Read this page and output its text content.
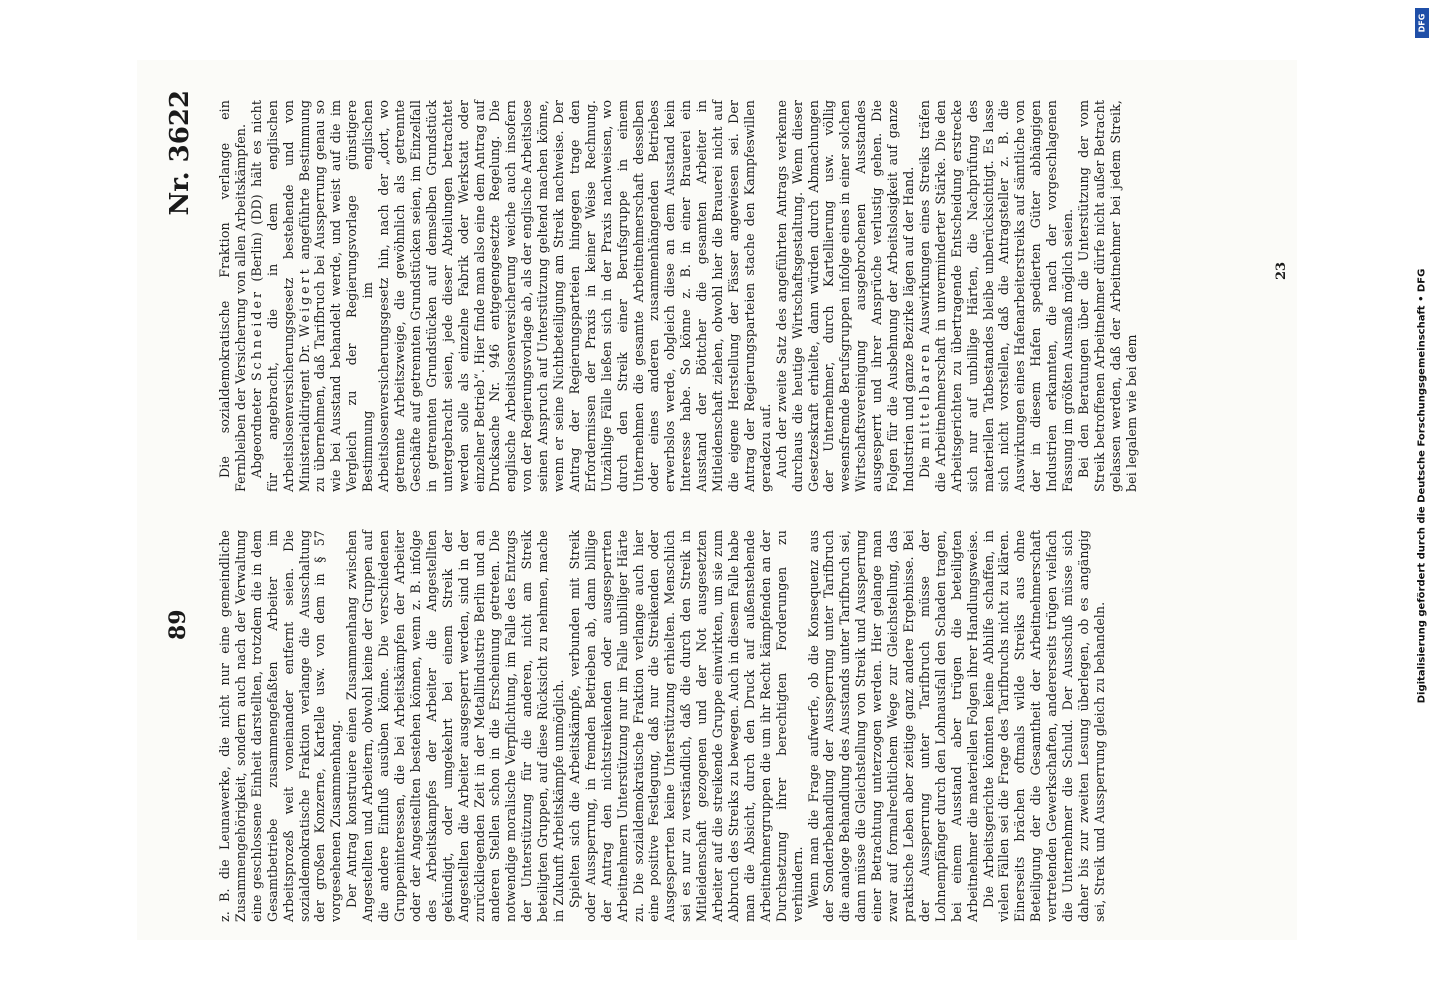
89
Nr. 3622

z. B. die Leunawerke, die nicht nur eine gemeindliche Zusammengehörigkeit, sondern auch nach der Verwaltung eine geschlossene Einheit darstellten, trotzdem die in dem Gesamtbetriebe zusammengefaßten Arbeiter im Arbeitsprozeß weit voneinander entfernt seien. Die sozialdemokratische Fraktion verlange die Ausschaltung der großen Konzerne, Kartelle usw. von dem in § 57 vorgesehenen Zusammenhang. Der Antrag konstruiere einen Zusammenhang zwischen Angestellten und Arbeitern, obwohl keine der Gruppen auf die andere Einfluß ausüben könne. Die verschiedenen Gruppeninteressen, die bei Arbeitskämpfen der Arbeiter oder der Angestellten bestehen können, wenn z. B. infolge des Arbeitskampfes der Arbeiter die Angestellten gekündigt, oder umgekehrt bei einem Streik der Angestellten die Arbeiter ausgesperrt werden, sind in der zurückliegenden Zeit in der Metallindustrie Berlin und an anderen Stellen schon in die Erscheinung getreten. Die notwendige moralische Verpflichtung, im Falle des Entzugs der Unterstützung für die anderen, nicht am Streik beteiligten Gruppen, auf diese Rücksicht zu nehmen, mache in Zukunft Arbeitskämpfe unmöglich. Spielten sich die Arbeitskämpfe, verbunden mit Streik oder Aussperrung, in fremden Betrieben ab, dann billige der Antrag den nichtstreikenden oder ausgesperrten Arbeitnehmern Unterstützung nur im Falle unbilliger Härte zu. Die sozialdemokratische Fraktion verlange auch hier eine positive Festlegung, daß nur die Streikenden oder Ausgesperrten keine Unterstützung erhielten. Menschlich sei es nur zu verständlich, daß die durch den Streik in Mitleidenschaft gezogenen und der Not ausgesetzten Arbeiter auf die streikende Gruppe einwirkten, um sie zum Abbruch des Streiks zu bewegen. Auch in diesem Falle habe man die Absicht, durch den Druck auf außenstehende Arbeitnehmergruppen die um ihr Recht kämpfenden an der Durchsetzung ihrer berechtigten Forderungen zu verhindern. Wenn man die Frage aufwerfe, ob die Konsequenz aus der Sonderbehandlung der Aussperrung unter Tarifbruch die analoge Behandlung des Ausstands unter Tarifbruch sei, dann müsse die Gleichstellung von Streik und Aussperrung einer Betrachtung unterzogen werden. Hier gelange man zwar auf formalrechtlichem Wege zur Gleichstellung, das praktische Leben aber zeitige ganz andere Ergebnisse. Bei der Aussperrung unter Tarifbruch müsse der Lohnempfänger durch den Lohnausfall den Schaden tragen, bei einem Ausstand aber trügen die beteiligten Arbeitnehmer die materiellen Folgen ihrer Handlungsweise. Die Arbeitsgerichte könnten keine Abhilfe schaffen, in vielen Fällen sei die Frage des Tarifbruchs nicht zu klären. Einerseits brächen oftmals wilde Streiks aus ohne Beteiligung der die Gesamtheit der Arbeitnehmerschaft vertretenden Gewerkschaften, andererseits trügen vielfach die Unternehmer die Schuld. Der Ausschuß müsse sich daher bis zur zweiten Lesung überlegen, ob es angängig sei, Streik und Aussperrung gleich zu behandeln.

Die sozialdemokratische Fraktion verlange ein Fernbleiben der Versicherung von allen Arbeitskämpfen. Abgeordneter Schneider (Berlin) (DD) hält es nicht für angebracht, die in dem englischen Arbeitslosenversicherungsgesetz bestehende und von Ministerialdirigent Dr. Weigert angeführte Bestimmung zu übernehmen, daß Tarifbruch bei Aussperrung genau so wie bei Ausstand behandelt werde, und weist auf die im Vergleich zu der Regierungsvorlage günstigere Bestimmung im englischen Arbeitslosenversicherungsgesetz hin, nach der „dort, wo getrennte Arbeitszweige, die gewöhnlich als getrennte Geschäfte auf getrennten Grundstücken seien, im Einzelfall in getrennten Grundstücken auf demselben Grundstück untergebracht seien, jede dieser Abteilungen betrachtet werden solle als einzelne Fabrik oder Werkstatt oder einzelner Betrieb“. Hier finde man also eine dem Antrag auf Drucksache Nr. 946 entgegengesetzte Regelung. Die englische Arbeitslosenversicherung weiche auch insofern von der Regierungsvorlage ab, als der englische Arbeitslose seinen Anspruch auf Unterstützung geltend machen könne, wenn er seine Nichtbeteiligung am Streik nachweise. Der Antrag der Regierungsparteien hingegen trage den Erfordernissen der Praxis in keiner Weise Rechnung. Unzählige Fälle ließen sich in der Praxis nachweisen, wo durch den Streik einer Berufsgruppe in einem Unternehmen die gesamte Arbeitnehmerschaft desselben oder eines anderen zusammenhängenden Betriebes erwerbslos werde, obgleich diese an dem Ausstand kein Interesse habe. So könne z. B. in einer Brauerei ein Ausstand der Böttcher die gesamten Arbeiter in Mitleidenschaft ziehen, obwohl hier die Brauerei nicht auf die eigene Herstellung der Fässer angewiesen sei. Der Antrag der Regierungsparteien stache den Kampfeswillen geradezu auf. Auch der zweite Satz des angeführten Antrags verkenne durchaus die heutige Wirtschaftsgestaltung. Wenn dieser Gesetzeskraft erhielte, dann würden durch Abmachungen der Unternehmer, durch Kartellierung usw. völlig wesensfremde Berufsgruppen infolge eines in einer solchen Wirtschaftsvereinigung ausgebrochenen Ausstandes ausgesperrt und ihrer Ansprüche verlustig gehen. Die Folgen für die Ausbehnung der Arbeitslosigkeit auf ganze Industrien und ganze Bezirke lägen auf der Hand. Die mittelbaren Auswirkungen eines Streiks träfen die Arbeitnehmerschaft in unverminderter Stärke. Die den Arbeitsgerichten zu übertragende Entscheidung erstrecke sich nur auf unbillige Härten, die Nachprüfung des materiellen Tatbestandes bleibe unberücksichtigt. Es lasse sich nicht vorstellen, daß die Antragsteller z. B. die Auswirkungen eines Hafenarbeiterstreiks auf sämtliche von der in diesem Hafen spedierten Güter abhängigen Industrien erkannten, die nach der vorgeschlagenen Fassung im größten Ausmaß möglich seien. Bei den Beratungen über die Unterstützung der vom Streik betroffenen Arbeitnehmer dürfe nicht außer Betracht gelassen werden, daß der Arbeitnehmer bei jedem Streik, bei legalem wie bei dem

23
DFG
Digitalisierung gefördert durch die Deutsche Forschungsgemeinschaft • DFG
